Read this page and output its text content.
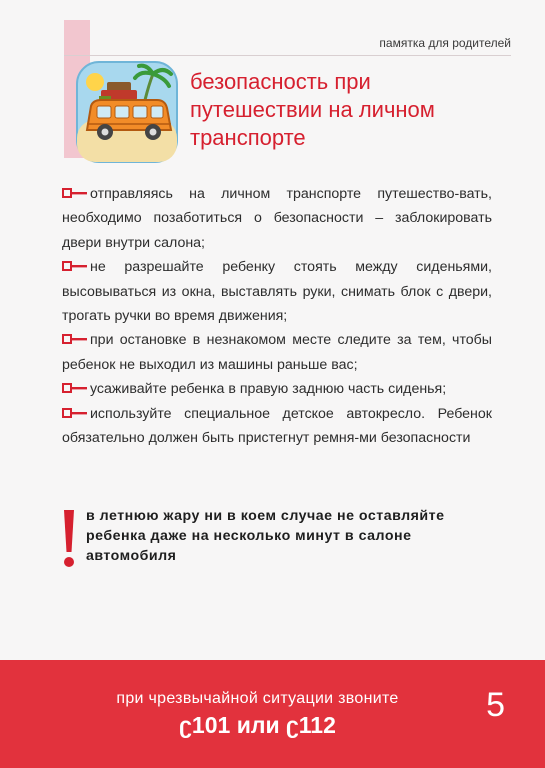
памятка для родителей
безопасность при
путешествии на личном
транспорте
отправляясь на личном транспорте путешество-вать, необходимо позаботиться о безопасности – заблокировать двери внутри салона;
не разрешайте ребенку стоять между сиденьями, высовываться из окна, выставлять руки, снимать блок с двери, трогать ручки во время движения;
при остановке в незнакомом месте следите за тем, чтобы ребенок не выходил из машины раньше вас;
усаживайте ребенка в правую заднюю часть сиденья;
используйте специальное детское автокресло. Ребенок обязательно должен быть пристегнут ремня-ми безопасности
в летнюю жару ни в коем случае не оставляйте ребенка даже на несколько минут в салоне автомобиля
при чрезвычайной ситуации звоните
ʗ101 или ʗ112
5
